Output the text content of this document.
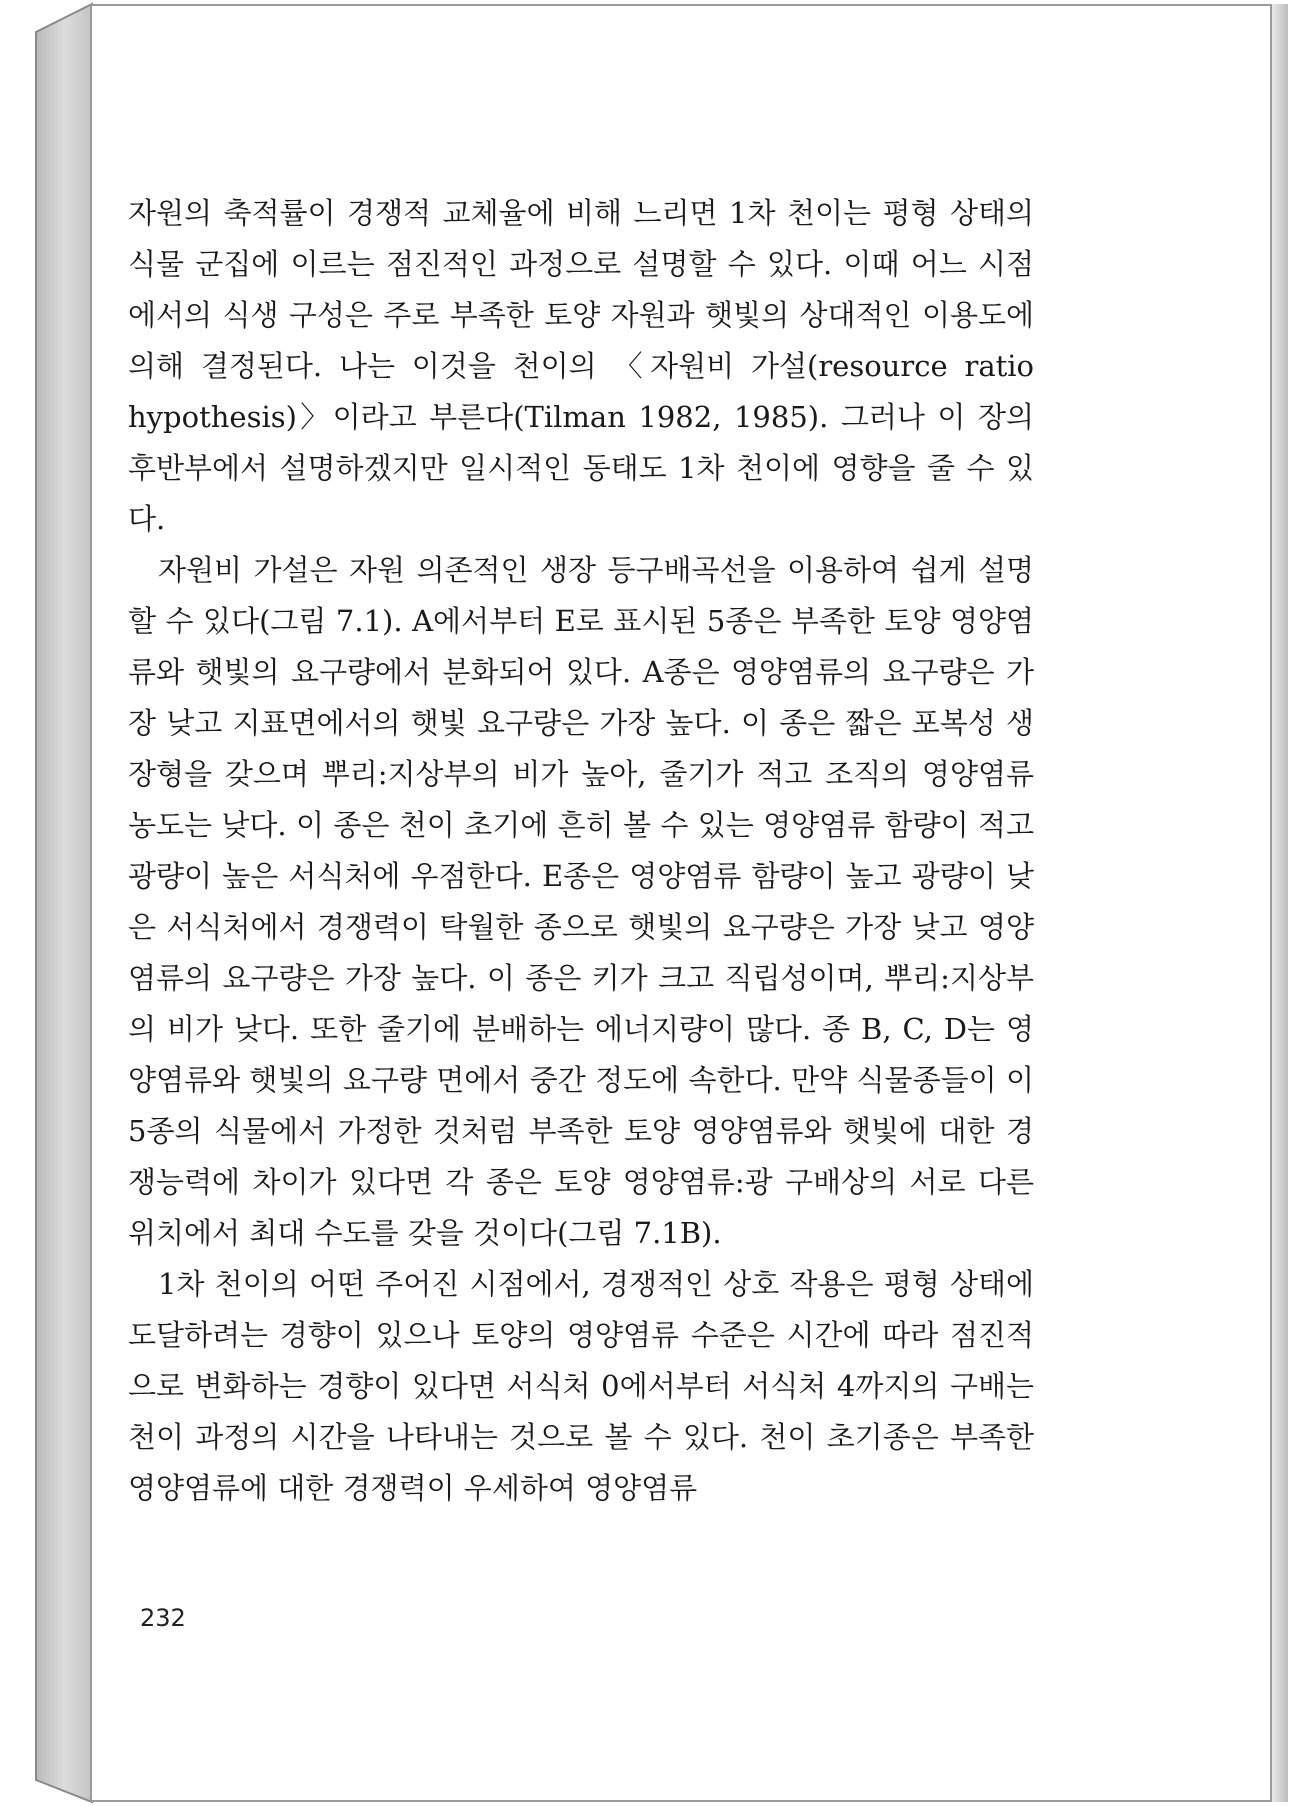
자원의 축적률이 경쟁적 교체율에 비해 느리면 1차 천이는 평형 상태의 식물 군집에 이르는 점진적인 과정으로 설명할 수 있다. 이때 어느 시점에서의 식생 구성은 주로 부족한 토양 자원과 햇빛의 상대적인 이용도에 의해 결정된다. 나는 이것을 천이의 〈자원비 가설(resource ratio hypothesis)〉이라고 부른다(Tilman 1982, 1985). 그러나 이 장의 후반부에서 설명하겠지만 일시적인 동태도 1차 천이에 영향을 줄 수 있다.

자원비 가설은 자원 의존적인 생장 등구배곡선을 이용하여 쉽게 설명할 수 있다(그림 7.1). A에서부터 E로 표시된 5종은 부족한 토양 영양염류와 햇빛의 요구량에서 분화되어 있다. A종은 영양염류의 요구량은 가장 낮고 지표면에서의 햇빛 요구량은 가장 높다. 이 종은 짧은 포복성 생장형을 갖으며 뿌리:지상부의 비가 높아, 줄기가 적고 조직의 영양염류 농도는 낮다. 이 종은 천이 초기에 흔히 볼 수 있는 영양염류 함량이 적고 광량이 높은 서식처에 우점한다. E종은 영양염류 함량이 높고 광량이 낮은 서식처에서 경쟁력이 탁월한 종으로 햇빛의 요구량은 가장 낮고 영양염류의 요구량은 가장 높다. 이 종은 키가 크고 직립성이며, 뿌리:지상부의 비가 낮다. 또한 줄기에 분배하는 에너지량이 많다. 종 B, C, D는 영양염류와 햇빛의 요구량 면에서 중간 정도에 속한다. 만약 식물종들이 이 5종의 식물에서 가정한 것처럼 부족한 토양 영양염류와 햇빛에 대한 경쟁능력에 차이가 있다면 각 종은 토양 영양염류:광 구배상의 서로 다른 위치에서 최대 수도를 갖을 것이다(그림 7.1B).

1차 천이의 어떤 주어진 시점에서, 경쟁적인 상호 작용은 평형 상태에 도달하려는 경향이 있으나 토양의 영양염류 수준은 시간에 따라 점진적으로 변화하는 경향이 있다면 서식처 0에서부터 서식처 4까지의 구배는 천이 과정의 시간을 나타내는 것으로 볼 수 있다. 천이 초기종은 부족한 영양염류에 대한 경쟁력이 우세하여 영양염류

232
